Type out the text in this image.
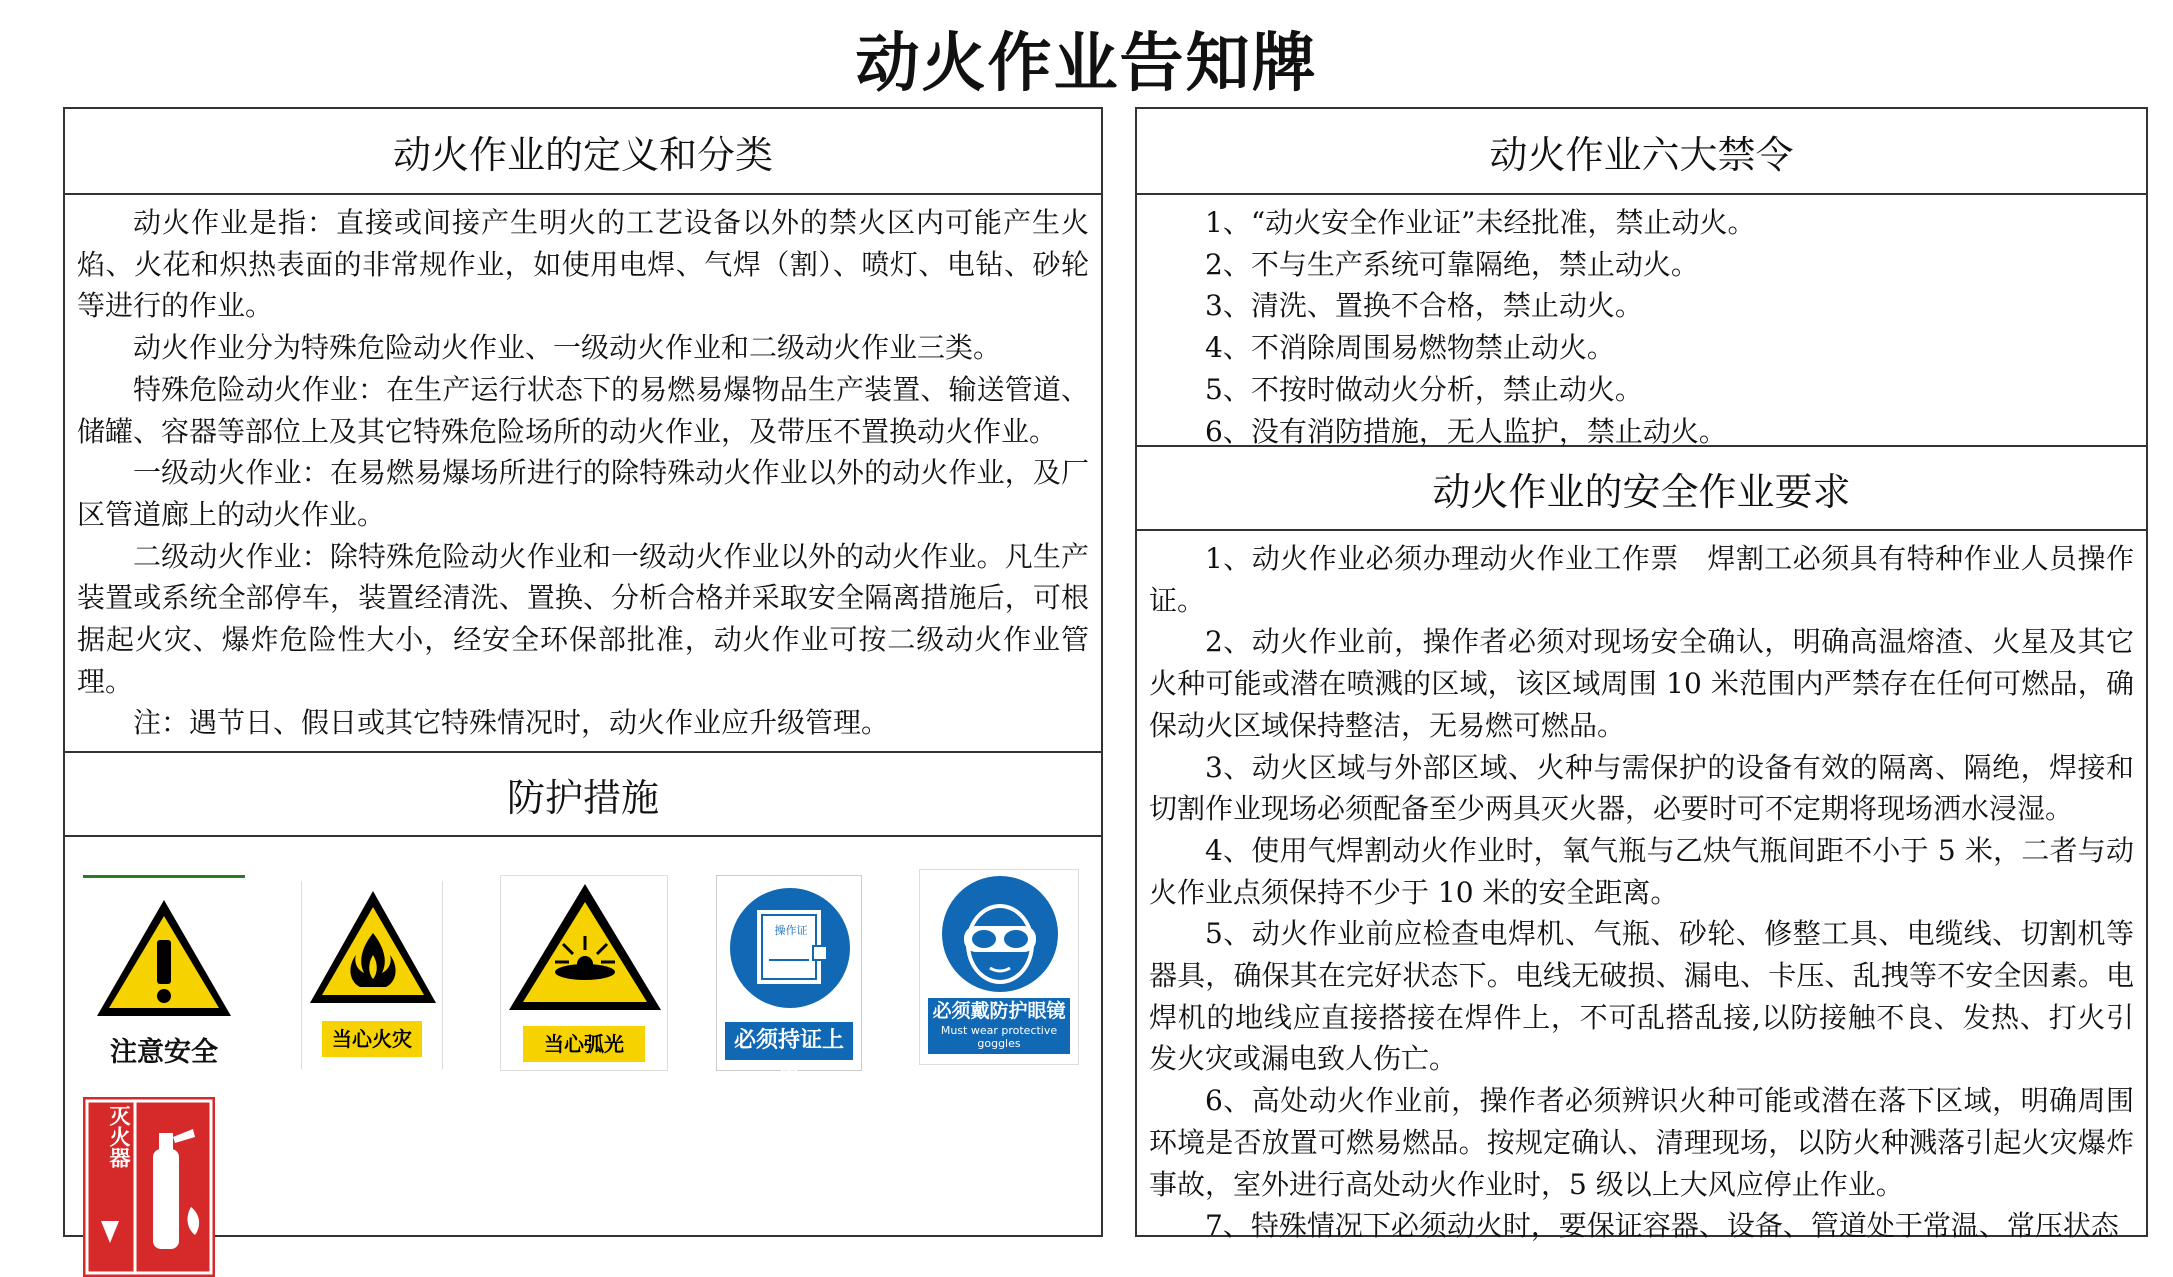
动火作业告知牌
动火作业的定义和分类

动火作业是指：直接或间接产生明火的工艺设备以外的禁火区内可能产生火焰、火花和炽热表面的非常规作业，如使用电焊、气焊（割）、喷灯、电钻、砂轮等进行的作业。

动火作业分为特殊危险动火作业、一级动火作业和二级动火作业三类。

特殊危险动火作业：在生产运行状态下的易燃易爆物品生产装置、输送管道、储罐、容器等部位上及其它特殊危险场所的动火作业，及带压不置换动火作业。

一级动火作业：在易燃易爆场所进行的除特殊动火作业以外的动火作业，及厂区管道廊上的动火作业。

二级动火作业：除特殊危险动火作业和一级动火作业以外的动火作业。凡生产装置或系统全部停车，装置经清洗、置换、分析合格并采取安全隔离措施后，可根据起火灾、爆炸危险性大小，经安全环保部批准，动火作业可按二级动火作业管理。

注：遇节日、假日或其它特殊情况时，动火作业应升级管理。

防护措施
注意安全	当心火灾	当心弧光
操作证
必须持证上岗
必须戴防护眼镜
Must wear protective goggles
灭火器
动火作业六大禁令

1、“动火安全作业证”未经批准，禁止动火。

2、不与生产系统可靠隔绝，禁止动火。

3、清洗、置换不合格，禁止动火。

4、不消除周围易燃物禁止动火。

5、不按时做动火分析，禁止动火。

6、没有消防措施，无人监护，禁止动火。

动火作业的安全作业要求

1、动火作业必须办理动火作业工作票　焊割工必须具有特种作业人员操作证。

2、动火作业前，操作者必须对现场安全确认，明确高温熔渣、火星及其它火种可能或潜在喷溅的区域，该区域周围 10 米范围内严禁存在任何可燃品，确保动火区域保持整洁，无易燃可燃品。

3、动火区域与外部区域、火种与需保护的设备有效的隔离、隔绝，焊接和切割作业现场必须配备至少两具灭火器，必要时可不定期将现场洒水浸湿。

4、使用气焊割动火作业时，氧气瓶与乙炔气瓶间距不小于 5 米，二者与动火作业点须保持不少于 10 米的安全距离。

5、动火作业前应检查电焊机、气瓶、砂轮、修整工具、电缆线、切割机等器具，确保其在完好状态下。电线无破损、漏电、卡压、乱拽等不安全因素。电焊机的地线应直接搭接在焊件上，不可乱搭乱接,以防接触不良、发热、打火引发火灾或漏电致人伤亡。

6、高处动火作业前，操作者必须辨识火种可能或潜在落下区域，明确周围环境是否放置可燃易燃品。按规定确认、清理现场，以防火种溅落引起火灾爆炸事故，室外进行高处动火作业时，5 级以上大风应停止作业。

7、特殊情况下必须动火时，要保证容器、设备、管道处于常温、常压状态
